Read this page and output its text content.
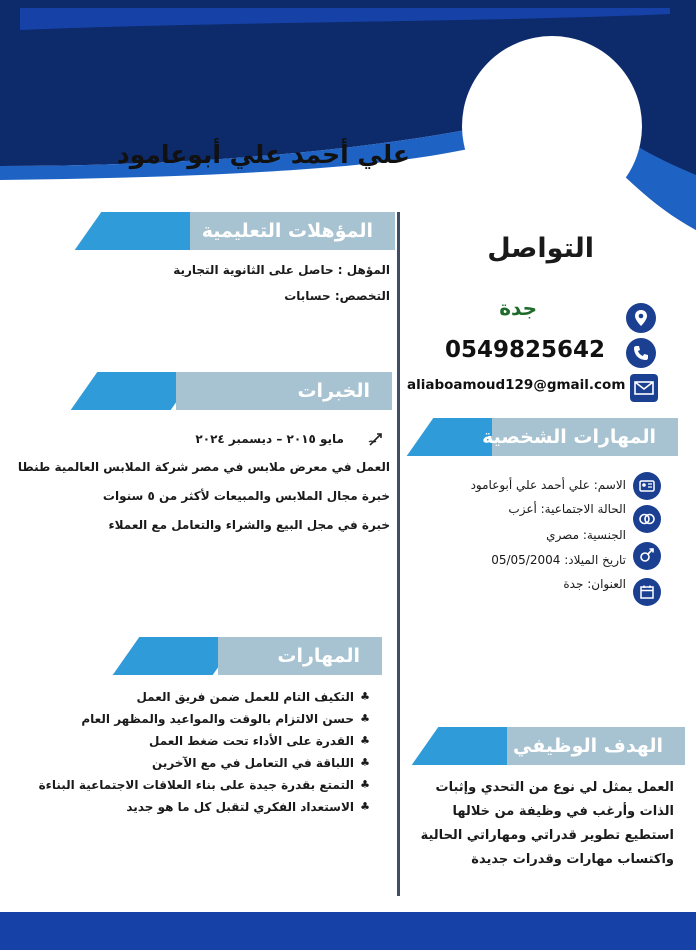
علي أحمد علي أبوعامود
المؤهلات التعليمية
المؤهل : حاصل على الثانوية التجارية
التخصص: حسابات
الخبرات
مايو ٢٠١٥ – ديسمبر ٢٠٢٤
العمل في معرض ملابس في مصر شركة الملابس العالمية طنطا
خبرة مجال الملابس والمبيعات لأكثر من ٥ سنوات
خبرة في مجل البيع والشراء والتعامل مع العملاء
المهارات
♣
التكيف التام للعمل ضمن فريق العمل
♣
حسن الالتزام بالوقت والمواعيد والمظهر العام
♣
القدرة على الأداء تحت ضغط العمل
♣
اللباقة في التعامل في مع الآخرين
♣
التمتع بقدرة جيدة على بناء العلاقات الاجتماعية البناءة
♣
الاستعداد الفكري لتقبل كل ما هو جديد
التواصل
جدة
0549825642
aliaboamoud129@gmail.com
المهارات الشخصية
الاسم: علي أحمد علي أبوعامود
الحالة الاجتماعية: أعزب
الجنسية: مصري
تاريخ الميلاد: 05/05/2004
العنوان: جدة
الهدف الوظيفي
العمل يمثل لي نوع من التحدي وإثبات
الذات وأرغب في وظيفة من خلالها
استطيع تطوير قدراتي ومهاراتي الحالية
واكتساب مهارات وقدرات جديدة
